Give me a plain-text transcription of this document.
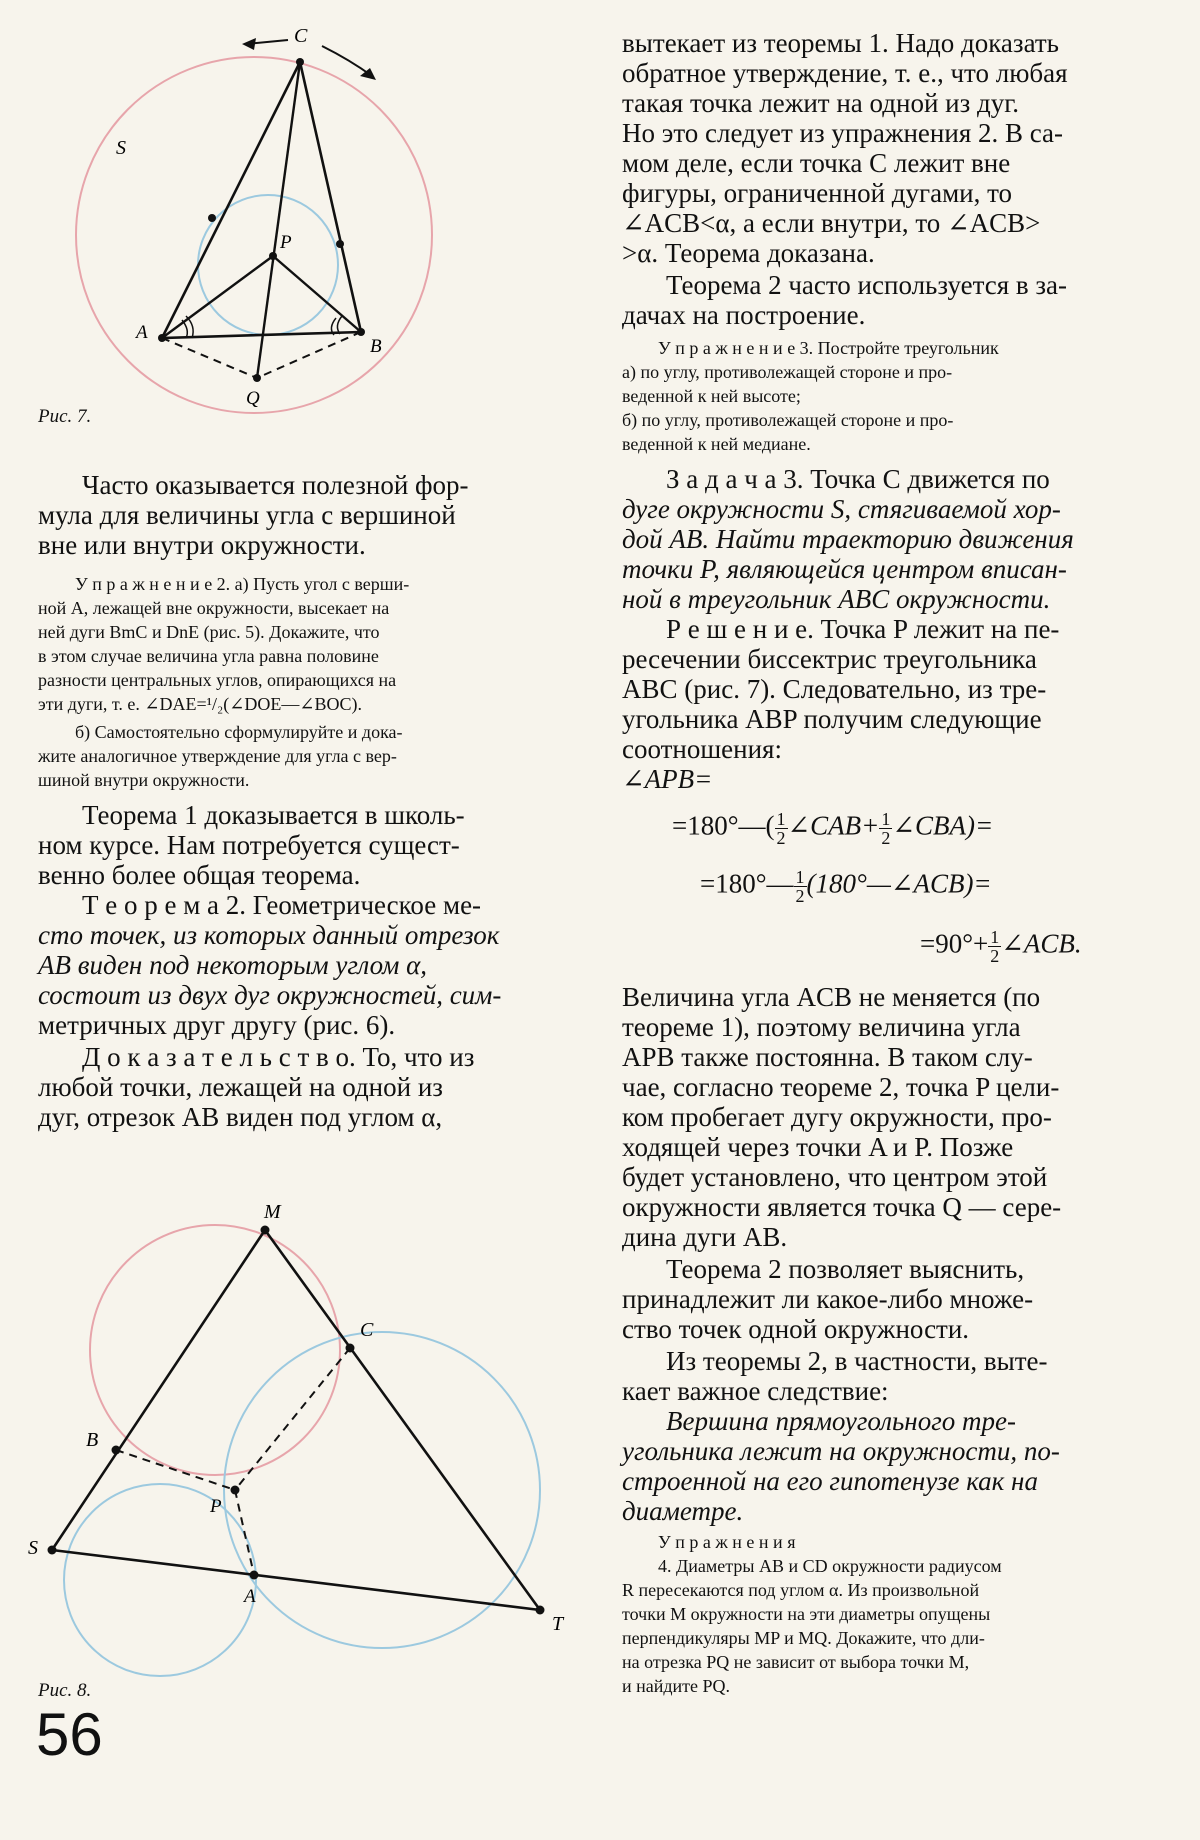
C
S
P
A
B
Q
Рис. 7.
M
C
B
P
S
A
T
Рис. 8.
Часто оказывается полезной фор-
мула для величины угла с вершиной
вне или внутри окружности.
У п р а ж н е н и е 2. а) Пусть угол с верши-
ной A, лежащей вне окружности, высекает на
ней дуги BmC и DnE (рис. 5). Докажите, что
в этом случае величина угла равна половине
разности центральных углов, опирающихся на
эти дуги, т. е. ∠DAE=¹/₂(∠DOE—∠BOC).
б) Самостоятельно сформулируйте и дока-
жите аналогичное утверждение для угла с вер-
шиной внутри окружности.
Теорема 1 доказывается в школь-
ном курсе. Нам потребуется сущест-
венно более общая теорема.
Т е о р е м а 2. Геометрическое ме-
сто точек, из которых данный отрезок
AB виден под некоторым углом α,
состоит из двух дуг окружностей, сим-
метричных друг другу (рис. 6).
Д о к а з а т е л ь с т в о. То, что из
любой точки, лежащей на одной из
дуг, отрезок AB виден под углом α,
вытекает из теоремы 1. Надо доказать
обратное утверждение, т. е., что любая
такая точка лежит на одной из дуг.
Но это следует из упражнения 2. В са-
мом деле, если точка C лежит вне
фигуры, ограниченной дугами, то
∠ACB<α, а если внутри, то ∠ACB>
>α. Теорема доказана.
Теорема 2 часто используется в за-
дачах на построение.
У п р а ж н е н и е 3. Постройте треугольник
а) по углу, противолежащей стороне и про-
веденной к ней высоте;
б) по углу, противолежащей стороне и про-
веденной к ней медиане.
З а д а ч а 3. Точка C движется по
дуге окружности S, стягиваемой хор-
дой AB. Найти траекторию движения
точки P, являющейся центром вписан-
ной в треугольник ABC окружности.
Р е ш е н и е. Точка P лежит на пе-
ресечении биссектрис треугольника
ABC (рис. 7). Следовательно, из тре-
угольника ABP получим следующие
соотношения:
∠APB=
=180°—( $\frac{1}{2}$ ∠CAB+ $\frac{1}{2}$ ∠CBA)=
=180°— $\frac{1}{2}$ (180°—∠ACB)=
$=90^\circ+ \frac{1}{2}$ ∠ACB.
Величина угла ACB не меняется (по
теореме 1), поэтому величина угла
APB также постоянна. В таком слу-
чае, согласно теореме 2, точка P цели-
ком пробегает дугу окружности, про-
ходящей через точки A и P. Позже
будет установлено, что центром этой
окружности является точка Q — сере-
дина дуги AB.
Теорема 2 позволяет выяснить,
принадлежит ли какое-либо множе-
ство точек одной окружности.
Из теоремы 2, в частности, выте-
кает важное следствие:
Вершина прямоугольного тре-
угольника лежит на окружности, по-
строенной на его гипотенузе как на
диаметре.
У п р а ж н е н и я
4. Диаметры AB и CD окружности радиусом
R пересекаются под углом α. Из произвольной
точки M окружности на эти диаметры опущены
перпендикуляры MP и MQ. Докажите, что дли-
на отрезка PQ не зависит от выбора точки M,
и найдите PQ.
56
